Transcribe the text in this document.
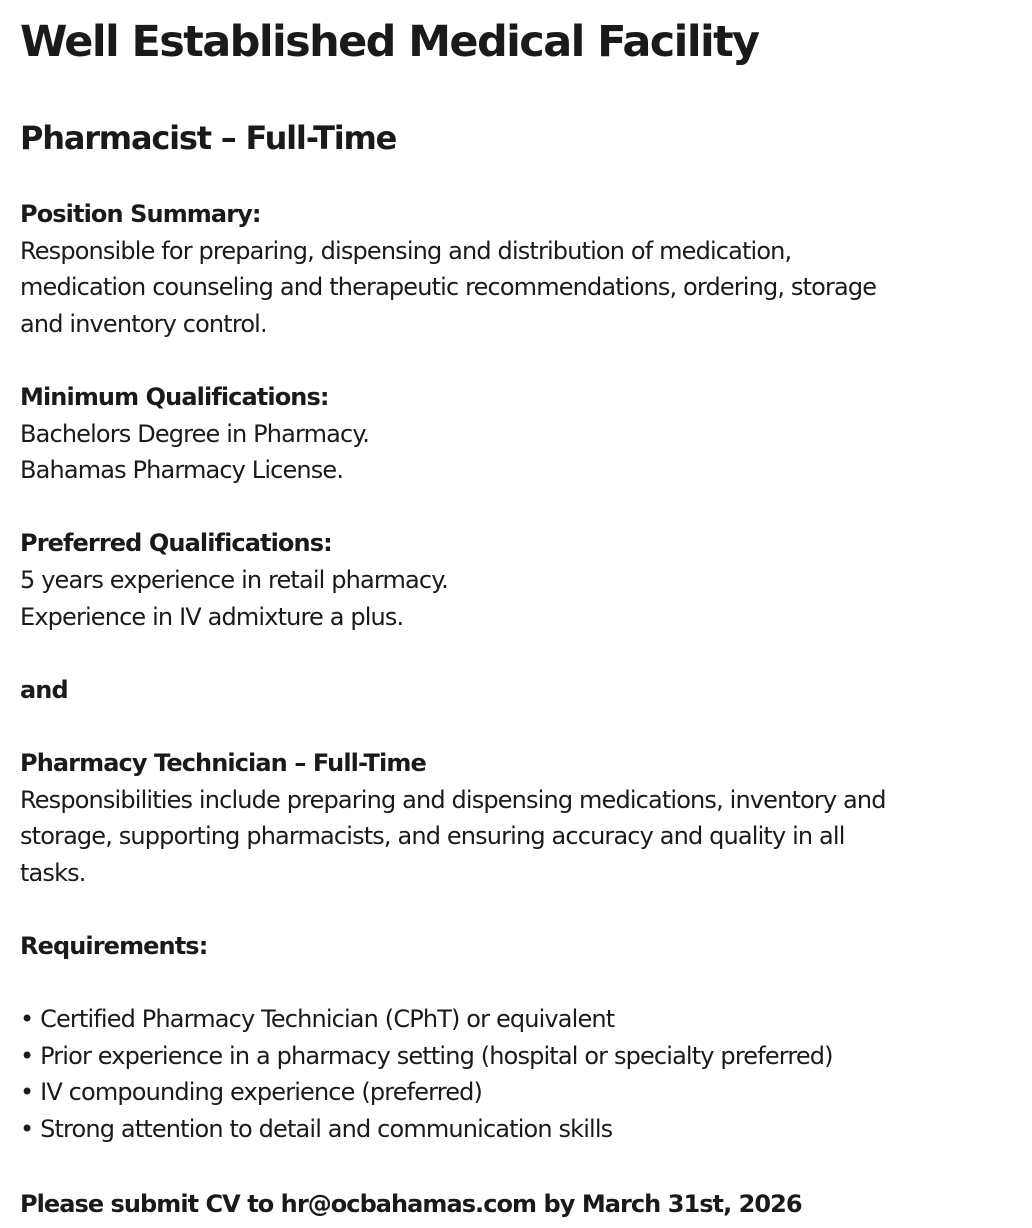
Well Established Medical Facility
Pharmacist – Full-Time

Position Summary:

Responsible for preparing, dispensing and distribution of medication,

medication counseling and therapeutic recommendations, ordering, storage

and inventory control.

Minimum Qualifications:

Bachelors Degree in Pharmacy.

Bahamas Pharmacy License.

Preferred Qualifications:

5 years experience in retail pharmacy.

Experience in IV admixture a plus.

and

Pharmacy Technician – Full-Time

Responsibilities include preparing and dispensing medications, inventory and

storage, supporting pharmacists, and ensuring accuracy and quality in all

tasks.

Requirements:

• Certified Pharmacy Technician (CPhT) or equivalent
• Prior experience in a pharmacy setting (hospital or specialty preferred)
• IV compounding experience (preferred)
• Strong attention to detail and communication skills

Please submit CV to hr@ocbahamas.com by March 31st, 2026
